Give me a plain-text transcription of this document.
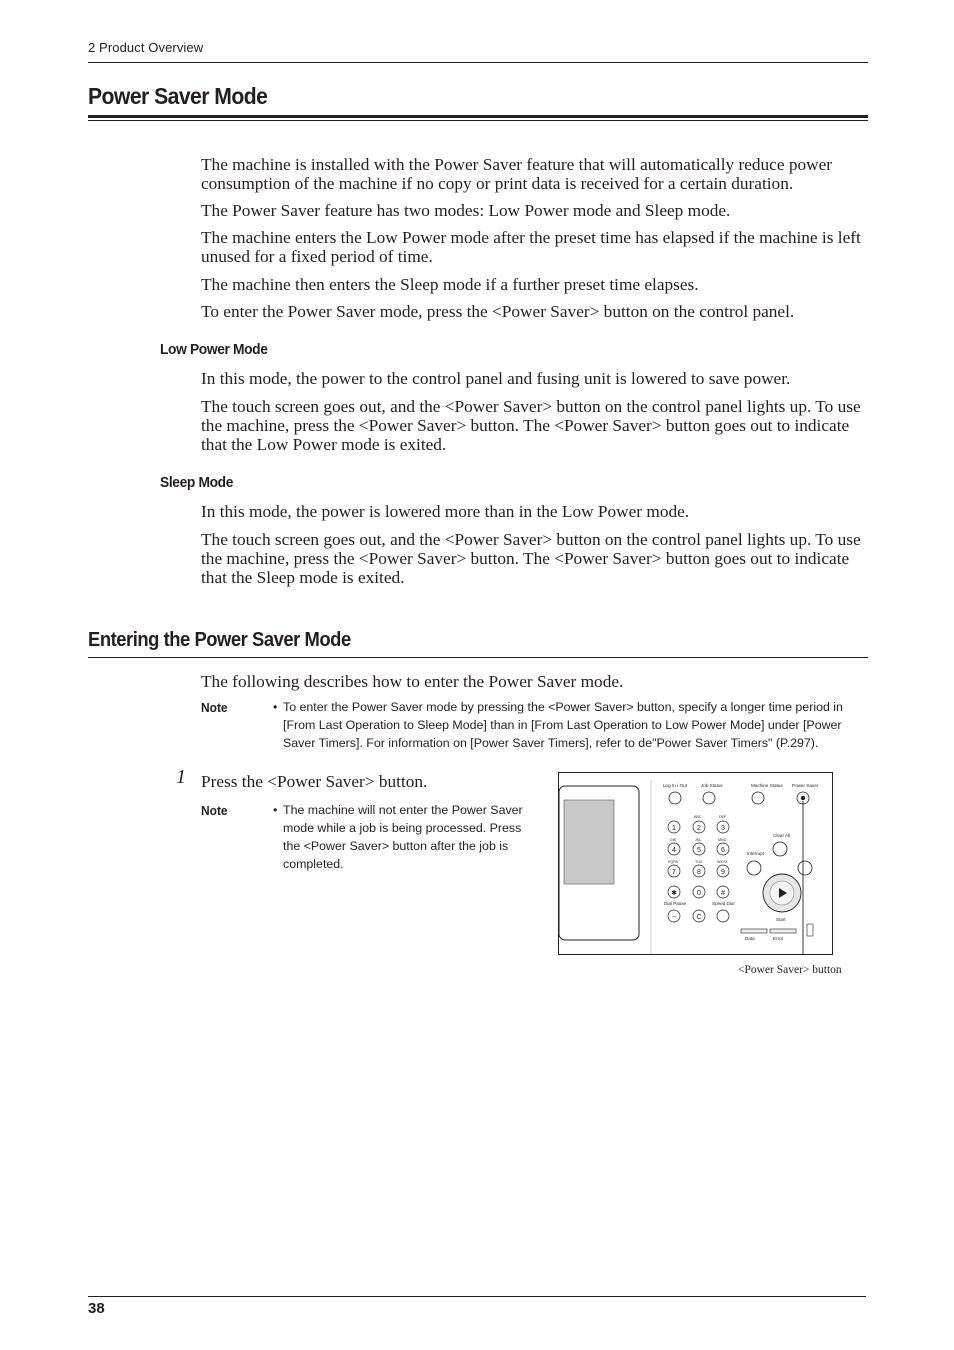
2 Product Overview
Power Saver Mode

The machine is installed with the Power Saver feature that will automatically reduce power consumption of the machine if no copy or print data is received for a certain duration.

The Power Saver feature has two modes: Low Power mode and Sleep mode.

The machine enters the Low Power mode after the preset time has elapsed if the machine is left unused for a fixed period of time.

The machine then enters the Sleep mode if a further preset time elapses.

To enter the Power Saver mode, press the <Power Saver> button on the control panel.

Low Power Mode

In this mode, the power to the control panel and fusing unit is lowered to save power.

The touch screen goes out, and the <Power Saver> button on the control panel lights up. To use the machine, press the <Power Saver> button. The <Power Saver> button goes out to indicate that the Low Power mode is exited.

Sleep Mode

In this mode, the power is lowered more than in the Low Power mode.

The touch screen goes out, and the <Power Saver> button on the control panel lights up. To use the machine, press the <Power Saver> button. The <Power Saver> button goes out to indicate that the Sleep mode is exited.

Entering the Power Saver Mode

The following describes how to enter the Power Saver mode.

Note	• To enter the Power Saver mode by pressing the <Power Saver> button, specify a longer time period in [From Last Operation to Sleep Mode] than in [From Last Operation to Low Power Mode] under [Power Saver Timers]. For information on [Power Saver Timers], refer to de"Power Saver Timers" (P.297).

1 Press the <Power Saver> button.

Note	• The machine will not enter the Power Saver mode while a job is being processed. Press the <Power Saver> button after the job is completed.

Log In / Out	Job Status	Machine Status Power Saver
Clear All
Interrupt
Start
Dial Pause	Speed Dial
Data	Error
ABC	DEF
GHI	JKL	MNO
PQRS	TUV	WXYZ
1	2	3
4	5	6
7	8	9
✱	0	#
−	C
<Power Saver> button
38
